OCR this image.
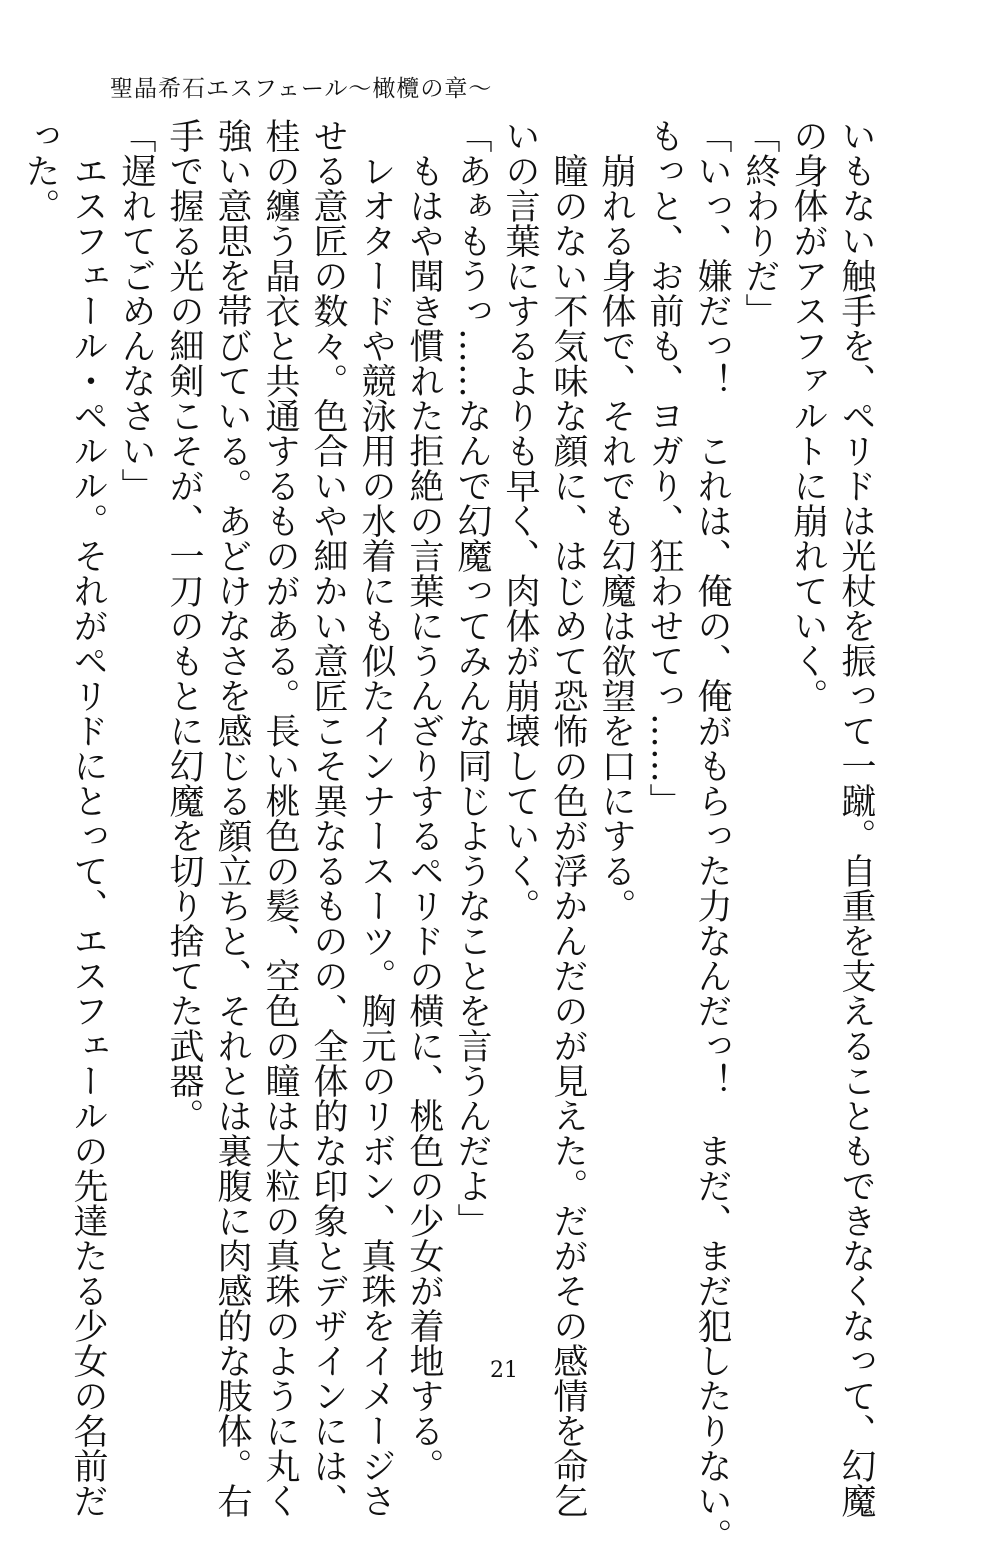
聖晶希石エスフェール～橄欖の章～
いもない触手を、ペリドは光杖を振って一蹴。自重を支えることもできなくなって、幻魔
の身体がアスファルトに崩れていく。
「終わりだ」
「いっ、嫌だっ！　これは、俺の、俺がもらった力なんだっ！　まだ、まだ犯したりない。
もっと、お前も、ヨガり、狂わせてっ……」
　崩れる身体で、それでも幻魔は欲望を口にする。
　瞳のない不気味な顔に、はじめて恐怖の色が浮かんだのが見えた。だがその感情を命乞
いの言葉にするよりも早く、肉体が崩壊していく。
「あぁもうっ……なんで幻魔ってみんな同じようなことを言うんだよ」
　もはや聞き慣れた拒絶の言葉にうんざりするペリドの横に、桃色の少女が着地する。
　レオタードや競泳用の水着にも似たインナースーツ。胸元のリボン、真珠をイメージさ
せる意匠の数々。色合いや細かい意匠こそ異なるものの、全体的な印象とデザインには、
桂の纏う晶衣と共通するものがある。長い桃色の髪、空色の瞳は大粒の真珠のように丸く
強い意思を帯びている。あどけなさを感じる顔立ちと、それとは裏腹に肉感的な肢体。右
手で握る光の細剣こそが、一刀のもとに幻魔を切り捨てた武器。
「遅れてごめんなさい」
　エスフェール・ペルル。それがペリドにとって、エスフェールの先達たる少女の名前だ
った。
21
